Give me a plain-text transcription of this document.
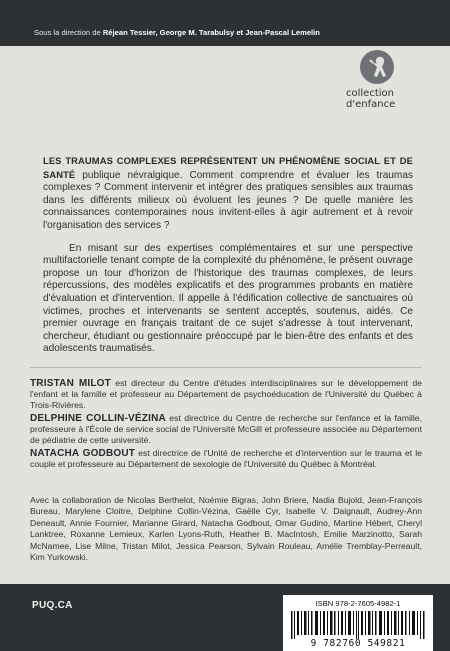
Sous la direction de Réjean Tessier, George M. Tarabulsy et Jean-Pascal Lemelin
collection
d'enfance

LES TRAUMAS COMPLEXES REPRÉSENTENT UN PHÉNOMÈNE SOCIAL ET DE SANTÉ publique névralgique. Comment comprendre et évaluer les traumas complexes ? Comment intervenir et intégrer des pratiques sensibles aux traumas dans les différents milieux où évoluent les jeunes ? De quelle manière les connaissances contemporaines nous invitent-elles à agir autrement et à revoir l'organisation des services ?

En misant sur des expertises complémentaires et sur une perspective multifactorielle tenant compte de la complexité du phénomène, le présent ouvrage propose un tour d'horizon de l'historique des traumas complexes, de leurs répercussions, des modèles explicatifs et des programmes probants en matière d'évaluation et d'intervention. Il appelle à l'édification collective de sanctuaires où victimes, proches et intervenants se sentent acceptés, soutenus, aidés. Ce premier ouvrage en français traitant de ce sujet s'adresse à tout intervenant, chercheur, étudiant ou gestionnaire préoccupé par le bien-être des enfants et des adolescents traumatisés.

TRISTAN MILOT est directeur du Centre d'études interdisciplinaires sur le développement de l'enfant et la famille et professeur au Département de psychoéducation de l'Université du Québec à Trois-Rivières.

DELPHINE COLLIN-VÉZINA est directrice du Centre de recherche sur l'enfance et la famille, professeure à l'École de service social de l'Université McGill et professeure associée au Département de pédiatrie de cette université.

NATACHA GODBOUT est directrice de l'Unité de recherche et d'intervention sur le trauma et le couple et professeure au Département de sexologie de l'Université du Québec à Montréal.

Avec la collaboration de Nicolas Berthelot, Noémie Bigras, John Briere, Nadia Bujold, Jean-François Bureau, Marylene Cloitre, Delphine Collin-Vézina, Gaëlle Cyr, Isabelle V. Daignault, Audrey-Ann Deneault, Annie Fournier, Marianne Girard, Natacha Godbout, Omar Gudino, Martine Hébert, Cheryl Lanktree, Roxanne Lemieux, Karlen Lyons-Ruth, Heather B. MacIntosh, Emilie Marzinotto, Sarah McNamee, Lise Milne, Tristan Milot, Jessica Pearson, Sylvain Rouleau, Amélie Tremblay-Perreault, Kim Yurkowski.

PUQ.CA	ISBN 978-2-7605-4982-1
9 782760 549821
